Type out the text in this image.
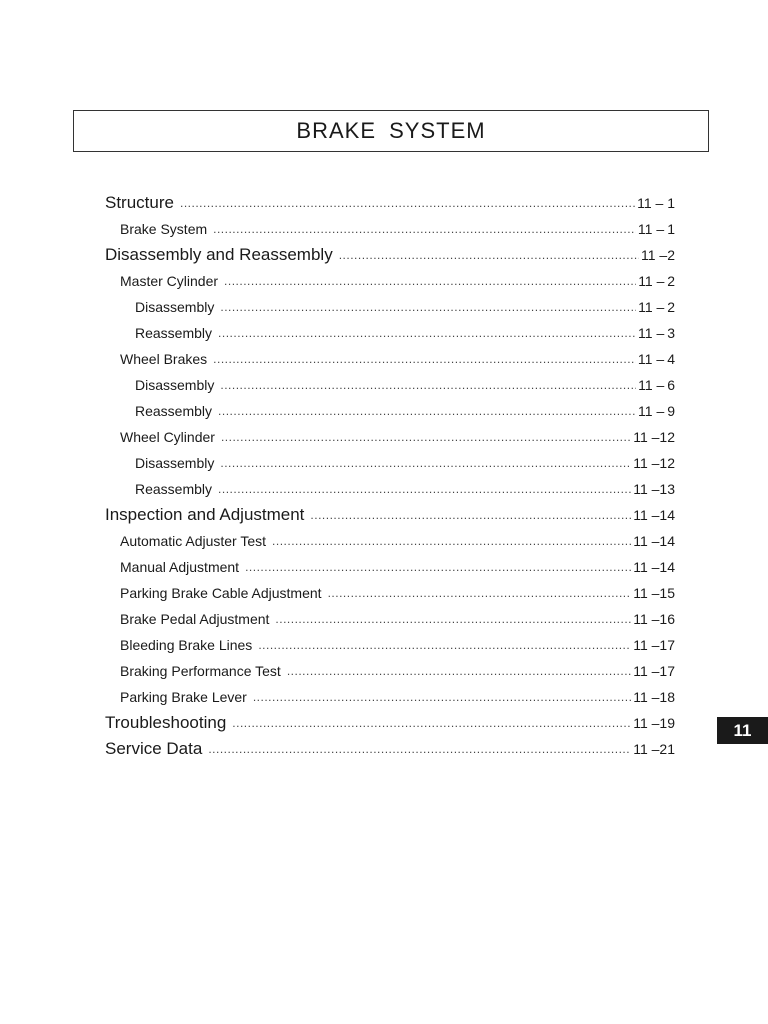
BRAKE SYSTEM
Structure .....	11 – 1
Brake System .....	11 – 1
Disassembly and Reassembly .....	11 – 2
Master Cylinder .....	11 – 2
Disassembly .....	11 – 2
Reassembly .....	11 – 3
Wheel Brakes .....	11 – 4
Disassembly .....	11 – 6
Reassembly .....	11 – 9
Wheel Cylinder .....	11 – 12
Disassembly .....	11 – 12
Reassembly .....	11 – 13
Inspection and Adjustment .....	11 – 14
Automatic Adjuster Test .....	11 – 14
Manual Adjustment .....	11 – 14
Parking Brake Cable Adjustment .....	11 – 15
Brake Pedal Adjustment .....	11 – 16
Bleeding Brake Lines .....	11 – 17
Braking Performance Test .....	11 – 17
Parking Brake Lever .....	11 – 18
Troubleshooting .....	11 – 19
Service Data .....	11 – 21
11
